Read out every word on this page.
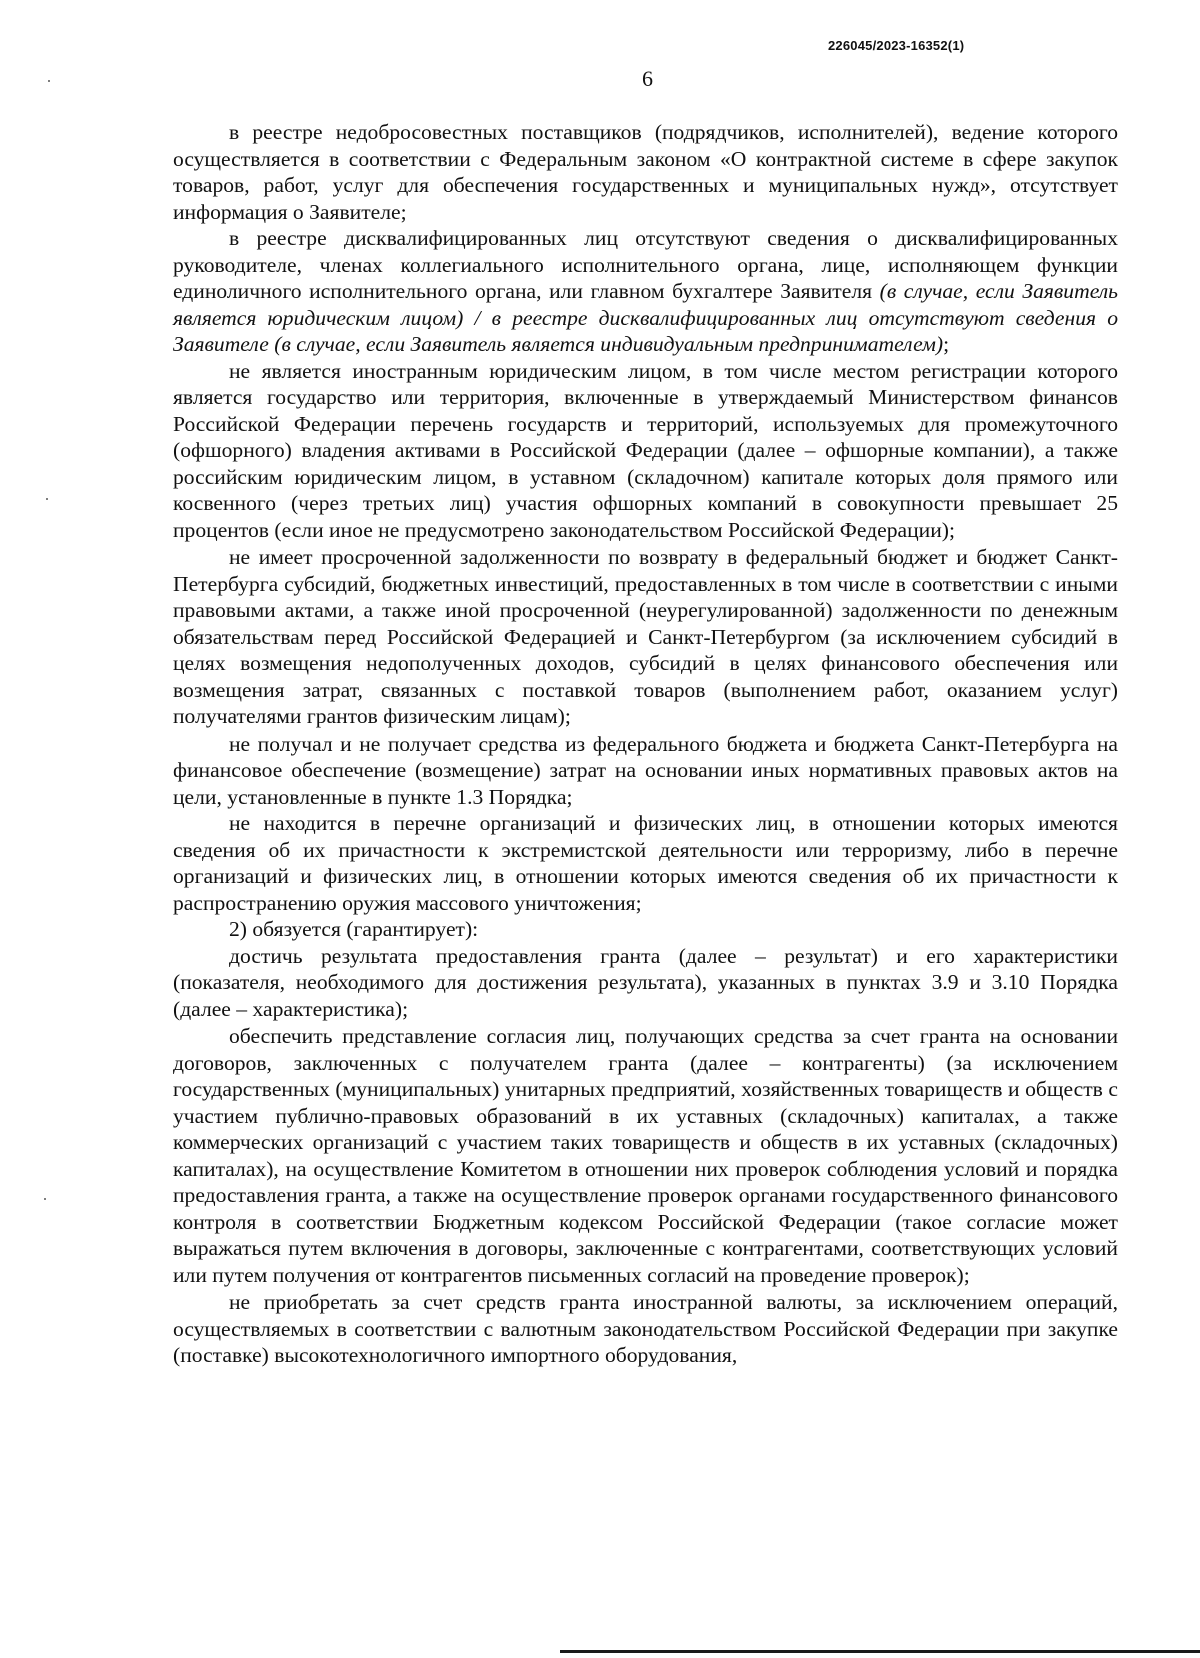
226045/2023-16352(1)
6

в реестре недобросовестных поставщиков (подрядчиков, исполнителей), ведение которого осуществляется в соответствии с Федеральным законом «О контрактной системе в сфере закупок товаров, работ, услуг для обеспечения государственных и муниципальных нужд», отсутствует информация о Заявителе;

в реестре дисквалифицированных лиц отсутствуют сведения о дисквалифицированных руководителе, членах коллегиального исполнительного органа, лице, исполняющем функции единоличного исполнительного органа, или главном бухгалтере Заявителя (в случае, если Заявитель является юридическим лицом) / в реестре дисквалифицированных лиц отсутствуют сведения о Заявителе (в случае, если Заявитель является индивидуальным предпринимателем);

не является иностранным юридическим лицом, в том числе местом регистрации которого является государство или территория, включенные в утверждаемый Министерством финансов Российской Федерации перечень государств и территорий, используемых для промежуточного (офшорного) владения активами в Российской Федерации (далее – офшорные компании), а также российским юридическим лицом, в уставном (складочном) капитале которых доля прямого или косвенного (через третьих лиц) участия офшорных компаний в совокупности превышает 25 процентов (если иное не предусмотрено законодательством Российской Федерации);

не имеет просроченной задолженности по возврату в федеральный бюджет и бюджет Санкт-Петербурга субсидий, бюджетных инвестиций, предоставленных в том числе в соответствии с иными правовыми актами, а также иной просроченной (неурегулированной) задолженности по денежным обязательствам перед Российской Федерацией и Санкт-Петербургом (за исключением субсидий в целях возмещения недополученных доходов, субсидий в целях финансового обеспечения или возмещения затрат, связанных с поставкой товаров (выполнением работ, оказанием услуг) получателями грантов физическим лицам);

не получал и не получает средства из федерального бюджета и бюджета Санкт-Петербурга на финансовое обеспечение (возмещение) затрат на основании иных нормативных правовых актов на цели, установленные в пункте 1.3 Порядка;

не находится в перечне организаций и физических лиц, в отношении которых имеются сведения об их причастности к экстремистской деятельности или терроризму, либо в перечне организаций и физических лиц, в отношении которых имеются сведения об их причастности к распространению оружия массового уничтожения;

2) обязуется (гарантирует):

достичь результата предоставления гранта (далее – результат) и его характеристики (показателя, необходимого для достижения результата), указанных в пунктах 3.9 и 3.10 Порядка (далее – характеристика);

обеспечить представление согласия лиц, получающих средства за счет гранта на основании договоров, заключенных с получателем гранта (далее – контрагенты) (за исключением государственных (муниципальных) унитарных предприятий, хозяйственных товариществ и обществ с участием публично-правовых образований в их уставных (складочных) капиталах, а также коммерческих организаций с участием таких товариществ и обществ в их уставных (складочных) капиталах), на осуществление Комитетом в отношении них проверок соблюдения условий и порядка предоставления гранта, а также на осуществление проверок органами государственного финансового контроля в соответствии Бюджетным кодексом Российской Федерации (такое согласие может выражаться путем включения в договоры, заключенные с контрагентами, соответствующих условий или путем получения от контрагентов письменных согласий на проведение проверок);

не приобретать за счет средств гранта иностранной валюты, за исключением операций, осуществляемых в соответствии с валютным законодательством Российской Федерации при закупке (поставке) высокотехнологичного импортного оборудования,
